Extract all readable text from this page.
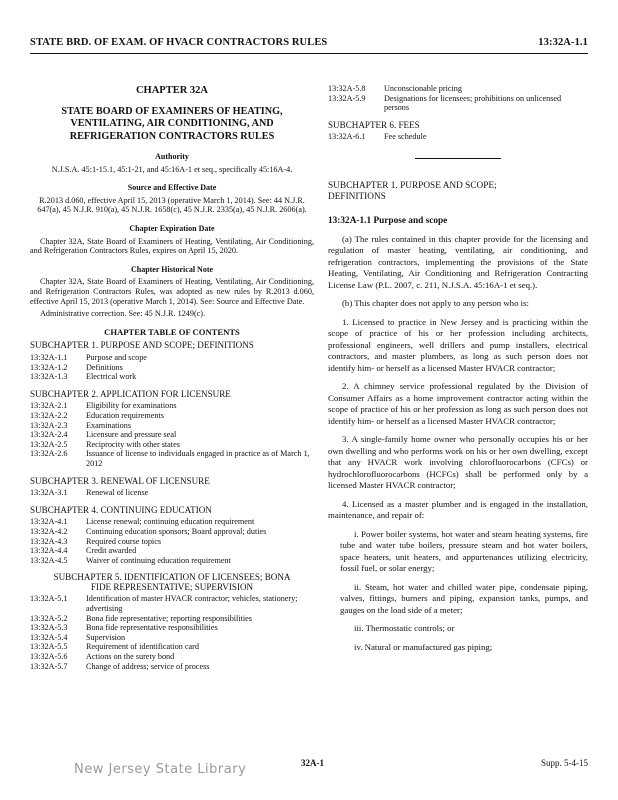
STATE BRD. OF EXAM. OF HVACR CONTRACTORS RULES	13:32A-1.1
CHAPTER 32A
STATE BOARD OF EXAMINERS OF HEATING, VENTILATING, AIR CONDITIONING, AND REFRIGERATION CONTRACTORS RULES
Authority
N.J.S.A. 45:1-15.1, 45:1-21, and 45:16A-1 et seq., specifically 45:16A-4.
Source and Effective Date
R.2013 d.060, effective April 15, 2013 (operative March 1, 2014). See: 44 N.J.R. 647(a), 45 N.J.R. 910(a), 45 N.J.R. 1658(c), 45 N.J.R. 2335(a), 45 N.J.R. 2606(a).
Chapter Expiration Date
Chapter 32A, State Board of Examiners of Heating, Ventilating, Air Conditioning, and Refrigeration Contractors Rules, expires on April 15, 2020.
Chapter Historical Note
Chapter 32A, State Board of Examiners of Heating, Ventilating, Air Conditioning, and Refrigeration Contractors Rules, was adopted as new rules by R.2013 d.060, effective April 15, 2013 (operative March 1, 2014). See: Source and Effective Date.
Administrative correction. See: 45 N.J.R. 1249(c).
CHAPTER TABLE OF CONTENTS
SUBCHAPTER 1. PURPOSE AND SCOPE; DEFINITIONS
13:32A-1.1	Purpose and scope
13:32A-1.2	Definitions
13:32A-1.3	Electrical work
SUBCHAPTER 2. APPLICATION FOR LICENSURE
13:32A-2.1	Eligibility for examinations
13:32A-2.2	Education requirements
13:32A-2.3	Examinations
13:32A-2.4	Licensure and pressure seal
13:32A-2.5	Reciprocity with other states
13:32A-2.6	Issuance of license to individuals engaged in practice as of March 1, 2012
SUBCHAPTER 3. RENEWAL OF LICENSURE
13:32A-3.1	Renewal of license
SUBCHAPTER 4. CONTINUING EDUCATION
13:32A-4.1	License renewal; continuing education requirement
13:32A-4.2	Continuing education sponsors; Board approval; duties
13:32A-4.3	Required course topics
13:32A-4.4	Credit awarded
13:32A-4.5	Waiver of continuing education requirement
SUBCHAPTER 5. IDENTIFICATION OF LICENSEES; BONA FIDE REPRESENTATIVE; SUPERVISION
13:32A-5.1	Identification of master HVACR contractor; vehicles, stationery; advertising
13:32A-5.2	Bona fide representative; reporting responsibilities
13:32A-5.3	Bona fide representative responsibilities
13:32A-5.4	Supervision
13:32A-5.5	Requirement of identification card
13:32A-5.6	Actions on the surety bond
13:32A-5.7	Change of address; service of process
13:32A-5.8	Unconscionable pricing
13:32A-5.9	Designations for licensees; prohibitions on unlicensed persons
SUBCHAPTER 6. FEES
13:32A-6.1	Fee schedule
SUBCHAPTER 1. PURPOSE AND SCOPE; DEFINITIONS
13:32A-1.1 Purpose and scope
(a) The rules contained in this chapter provide for the licensing and regulation of master heating, ventilating, air conditioning, and refrigeration contractors, implementing the provisions of the State Heating, Ventilating, Air Conditioning and Refrigeration Contracting License Law (P.L. 2007, c. 211, N.J.S.A. 45:16A-1 et seq.).
(b) This chapter does not apply to any person who is:
1. Licensed to practice in New Jersey and is practicing within the scope of practice of his or her profession including architects, professional engineers, well drillers and pump installers, electrical contractors, and master plumbers, as long as such person does not identify him- or herself as a licensed Master HVACR contractor;
2. A chimney service professional regulated by the Division of Consumer Affairs as a home improvement contractor acting within the scope of practice of his or her profession as long as such person does not identify him- or herself as a licensed Master HVACR contractor;
3. A single-family home owner who personally occupies his or her own dwelling and who performs work on his or her own dwelling, except that any HVACR work involving chlorofluorocarbons (CFCs) or hydrochlorofluorocarbons (HCFCs) shall be performed only by a licensed Master HVACR contractor;
4. Licensed as a master plumber and is engaged in the installation, maintenance, and repair of:
i. Power boiler systems, hot water and steam heating systems, fire tube and water tube boilers, pressure steam and hot water boilers, space heaters, unit heaters, and appurtenances utilizing electricity, fossil fuel, or solar energy;
ii. Steam, hot water and chilled water pipe, condensate piping, valves, fittings, burners and piping, expansion tanks, pumps, and gauges on the load side of a meter;
iii. Thermostatic controls; or
iv. Natural or manufactured gas piping;
New Jersey State Library	32A-1	Supp. 5-4-15
